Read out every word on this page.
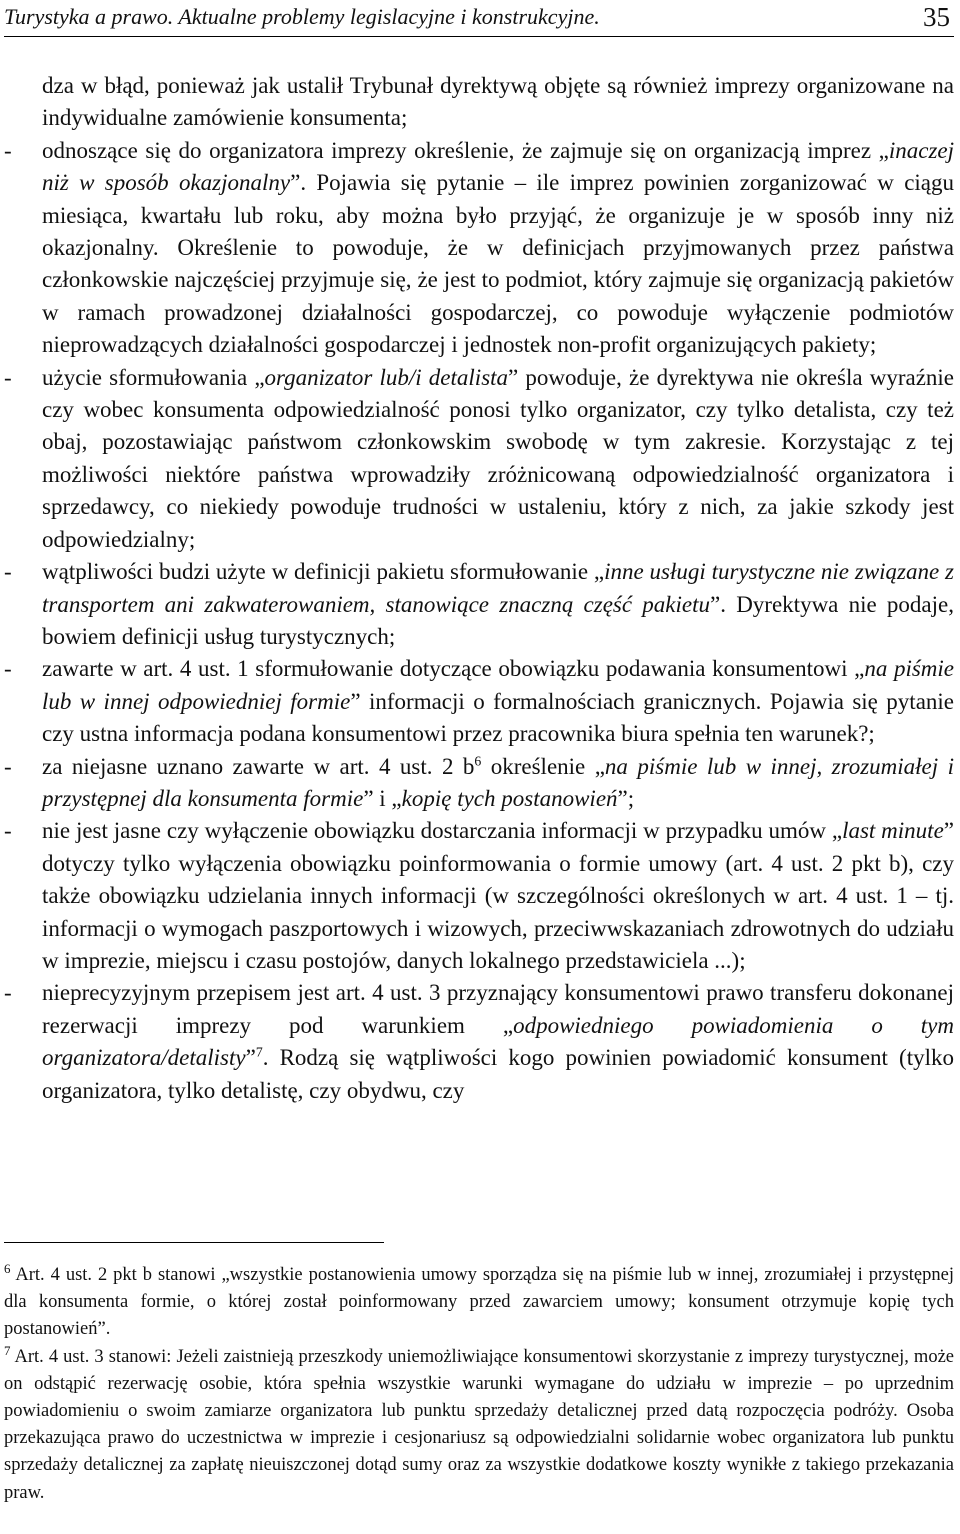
Turystyka a prawo. Aktualne problemy legislacyjne i konstrukcyjne.	35

dza w błąd, ponieważ jak ustalił Trybunał dyrektywą objęte są również imprezy organizowane na indywidualne zamówienie konsumenta;

- odnoszące się do organizatora imprezy określenie, że zajmuje się on organizacją imprez „inaczej niż w sposób okazjonalny”. Pojawia się pytanie – ile imprez powinien zorganizować w ciągu miesiąca, kwartału lub roku, aby można było przyjąć, że organizuje je w sposób inny niż okazjonalny. Określenie to powoduje, że w definicjach przyjmowanych przez państwa członkowskie najczęściej przyjmuje się, że jest to podmiot, który zajmuje się organizacją pakietów w ramach prowadzonej działalności gospodarczej, co powoduje wyłączenie podmiotów nieprowadzących działalności gospodarczej i jednostek non-profit organizujących pakiety;

- użycie sformułowania „organizator lub/i detalista” powoduje, że dyrektywa nie określa wyraźnie czy wobec konsumenta odpowiedzialność ponosi tylko organizator, czy tylko detalista, czy też obaj, pozostawiając państwom członkowskim swobodę w tym zakresie. Korzystając z tej możliwości niektóre państwa wprowadziły zróżnicowaną odpowiedzialność organizatora i sprzedawcy, co niekiedy powoduje trudności w ustaleniu, który z nich, za jakie szkody jest odpowiedzialny;

- wątpliwości budzi użyte w definicji pakietu sformułowanie „inne usługi turystyczne nie związane z transportem ani zakwaterowaniem, stanowiące znaczną część pakietu”. Dyrektywa nie podaje, bowiem definicji usług turystycznych;

- zawarte w art. 4 ust. 1 sformułowanie dotyczące obowiązku podawania konsumentowi „na piśmie lub w innej odpowiedniej formie” informacji o formalnościach granicznych. Pojawia się pytanie czy ustna informacja podana konsumentowi przez pracownika biura spełnia ten warunek?;

- za niejasne uznano zawarte w art. 4 ust. 2 $b^6$ określenie „na piśmie lub w innej, zrozumiałej i przystępnej dla konsumenta formie” i „kopię tych postanowień”;

- nie jest jasne czy wyłączenie obowiązku dostarczania informacji w przypadku umów „last minute” dotyczy tylko wyłączenia obowiązku poinformowania o formie umowy (art. 4 ust. 2 pkt b), czy także obowiązku udzielania innych informacji (w szczególności określonych w art. 4 ust. 1 – tj. informacji o wymogach paszportowych i wizowych, przeciwwskazaniach zdrowotnych do udziału w imprezie, miejscu i czasu postojów, danych lokalnego przedstawiciela ...);

- nieprecyzyjnym przepisem jest art. 4 ust. 3 przyznający konsumentowi prawo transferu dokonanej rezerwacji imprezy pod warunkiem „odpowiedniego powiadomienia o tym organizatora/detalisty”$^7$. Rodzą się wątpliwości kogo powinien powiadomić konsument (tylko organizatora, tylko detalistę, czy obydwu, czy

$^6$ Art. 4 ust. 2 pkt b stanowi „wszystkie postanowienia umowy sporządza się na piśmie lub w innej, zrozumiałej i przystępnej dla konsumenta formie, o której został poinformowany przed zawarciem umowy; konsument otrzymuje kopię tych postanowień”.

$^7$ Art. 4 ust. 3 stanowi: Jeżeli zaistnieją przeszkody uniemożliwiające konsumentowi skorzystanie z imprezy turystycznej, może on odstąpić rezerwację osobie, która spełnia wszystkie warunki wymagane do udziału w imprezie – po uprzednim powiadomieniu o swoim zamiarze organizatora lub punktu sprzedaży detalicznej przed datą rozpoczęcia podróży. Osoba przekazująca prawo do uczestnictwa w imprezie i cesjonariusz są odpowiedzialni solidarnie wobec organizatora lub punktu sprzedaży detalicznej za zapłatę nieuiszczonej dotąd sumy oraz za wszystkie dodatkowe koszty wynikłe z takiego przekazania praw.
